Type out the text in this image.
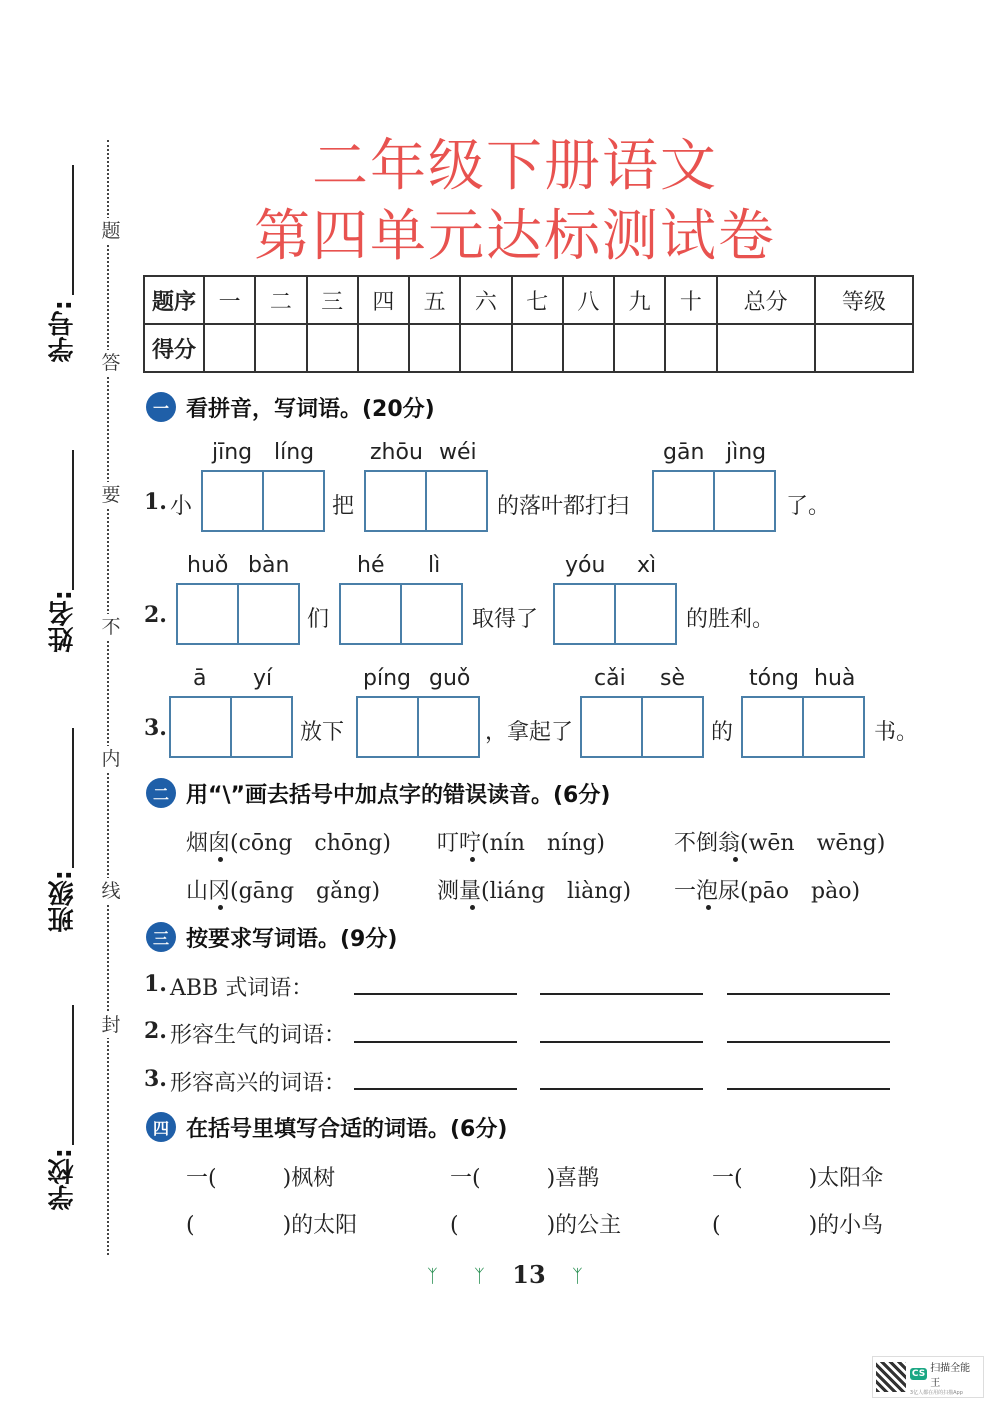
学号:
姓名:
班级:
学校:
题
答
要
不
内
线
封
二年级下册语文
第四单元达标测试卷
题序	一	二	三	四	五	六	七	八	九	十	总分	等级
得分												
一 看拼音，写词语。(20分)
jīng líng	zhōu wéi	gān jìng
1. 小	把	的落叶都打扫	了。
huǒ bàn	hé lì	yóu xì
2.	们	取得了	的胜利。
ā yí	píng guǒ	cǎi sè	tóng huà
3.	放下	，拿起了	的	书。
二 用“\”画去括号中加点字的错误读音。(6分)
烟囱(cōng　chōng) 叮咛(nín　níng)	不倒翁(wēn　wēng)
山冈(gāng　gǎng)	测量(liáng　liàng) 一泡尿(pāo　pào)
三 按要求写词语。(9分)
1. ABB 式词语：
2. 形容生气的词语：
3. 形容高兴的词语：
四 在括号里填写合适的词语。(6分)
一(　　　)枫树	一(　　　)喜鹊	一(　　　)太阳伞
(　　　　)的太阳	(　　　　)的公主	(　　　　)的小鸟
ᛉ ᛉ	ᛉ
13
CS 扫描全能王
3亿人都在用的扫描App
